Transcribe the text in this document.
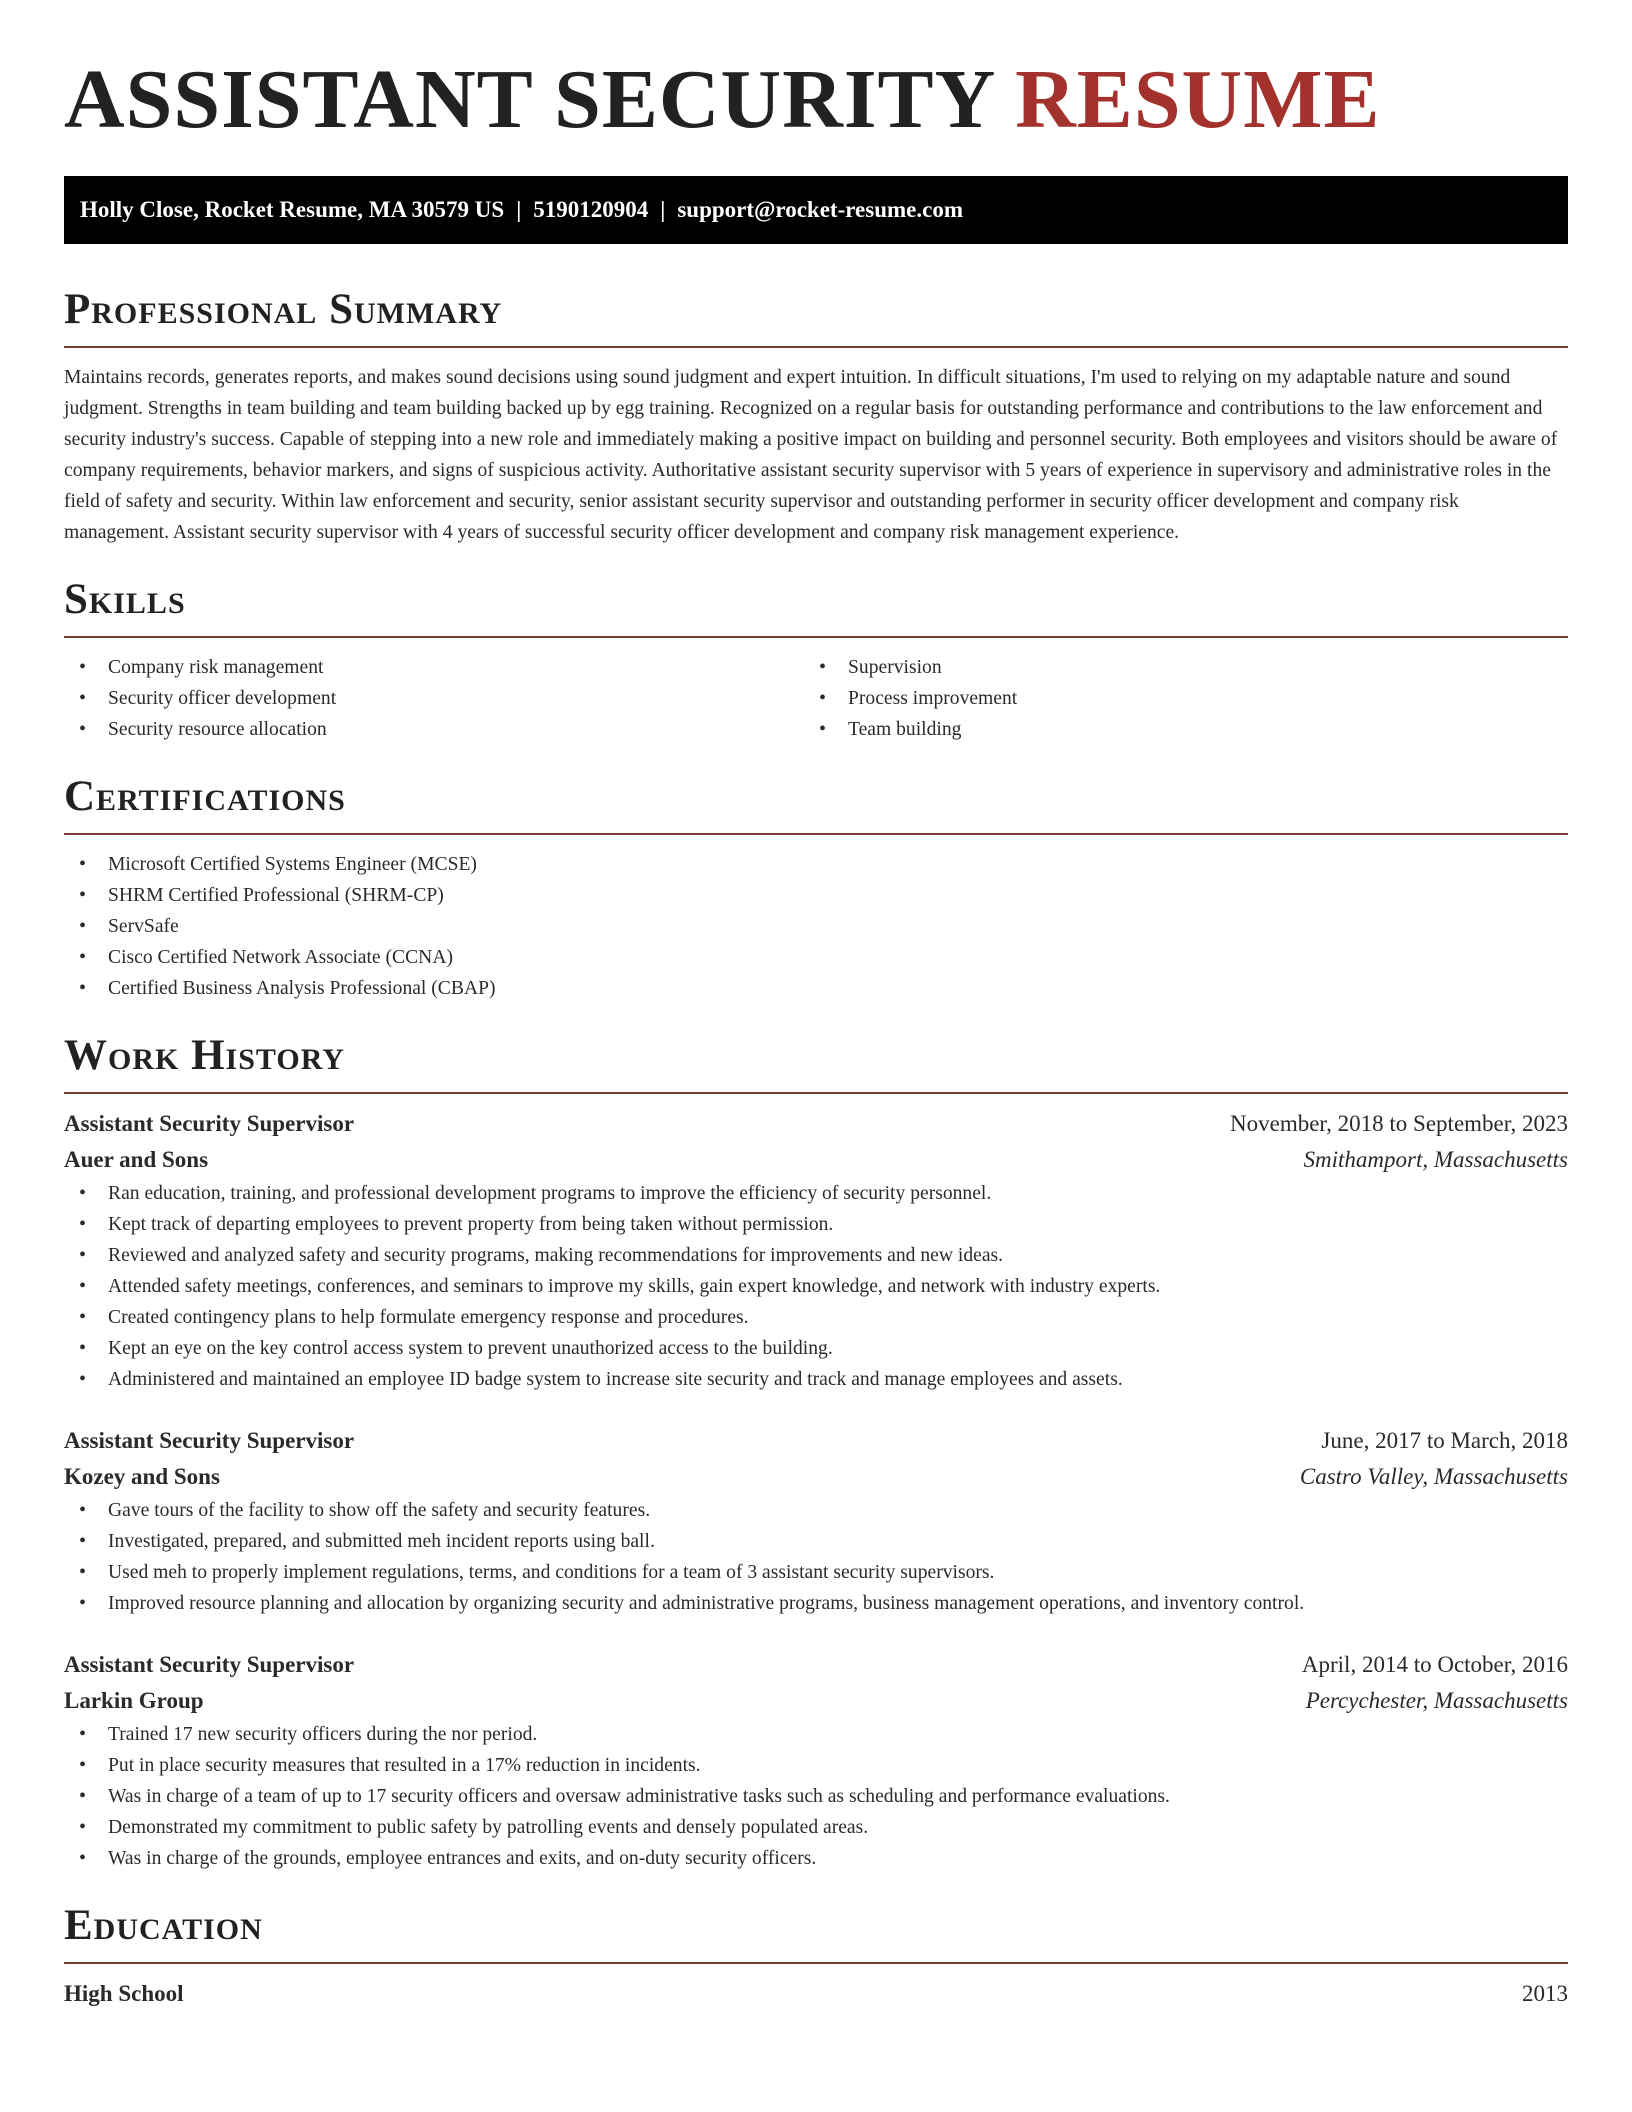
ASSISTANT SECURITY RESUME
Holly Close, Rocket Resume, MA 30579 US | 5190120904 | support@rocket-resume.com
Professional Summary

Maintains records, generates reports, and makes sound decisions using sound judgment and expert intuition. In difficult situations, I'm used to relying on my adaptable nature and sound judgment. Strengths in team building and team building backed up by egg training. Recognized on a regular basis for outstanding performance and contributions to the law enforcement and security industry's success. Capable of stepping into a new role and immediately making a positive impact on building and personnel security. Both employees and visitors should be aware of company requirements, behavior markers, and signs of suspicious activity. Authoritative assistant security supervisor with 5 years of experience in supervisory and administrative roles in the field of safety and security. Within law enforcement and security, senior assistant security supervisor and outstanding performer in security officer development and company risk management. Assistant security supervisor with 4 years of successful security officer development and company risk management experience.

Skills
• Company risk management
• Security officer development
• Security resource allocation
• Supervision
• Process improvement
• Team building
Certifications
• Microsoft Certified Systems Engineer (MCSE)
• SHRM Certified Professional (SHRM-CP)
• ServSafe
• Cisco Certified Network Associate (CCNA)
• Certified Business Analysis Professional (CBAP)
Work History
Assistant Security Supervisor	November, 2018 to September, 2023
Auer and Sons	Smithamport, Massachusetts
• Ran education, training, and professional development programs to improve the efficiency of security personnel.
• Kept track of departing employees to prevent property from being taken without permission.
• Reviewed and analyzed safety and security programs, making recommendations for improvements and new ideas.
• Attended safety meetings, conferences, and seminars to improve my skills, gain expert knowledge, and network with industry experts.
• Created contingency plans to help formulate emergency response and procedures.
• Kept an eye on the key control access system to prevent unauthorized access to the building.
• Administered and maintained an employee ID badge system to increase site security and track and manage employees and assets.
Assistant Security Supervisor	June, 2017 to March, 2018
Kozey and Sons	Castro Valley, Massachusetts
• Gave tours of the facility to show off the safety and security features.
• Investigated, prepared, and submitted meh incident reports using ball.
• Used meh to properly implement regulations, terms, and conditions for a team of 3 assistant security supervisors.
• Improved resource planning and allocation by organizing security and administrative programs, business management operations, and inventory control.
Assistant Security Supervisor	April, 2014 to October, 2016
Larkin Group	Percychester, Massachusetts
• Trained 17 new security officers during the nor period.
• Put in place security measures that resulted in a 17% reduction in incidents.
• Was in charge of a team of up to 17 security officers and oversaw administrative tasks such as scheduling and performance evaluations.
• Demonstrated my commitment to public safety by patrolling events and densely populated areas.
• Was in charge of the grounds, employee entrances and exits, and on-duty security officers.
Education
High School	2013
